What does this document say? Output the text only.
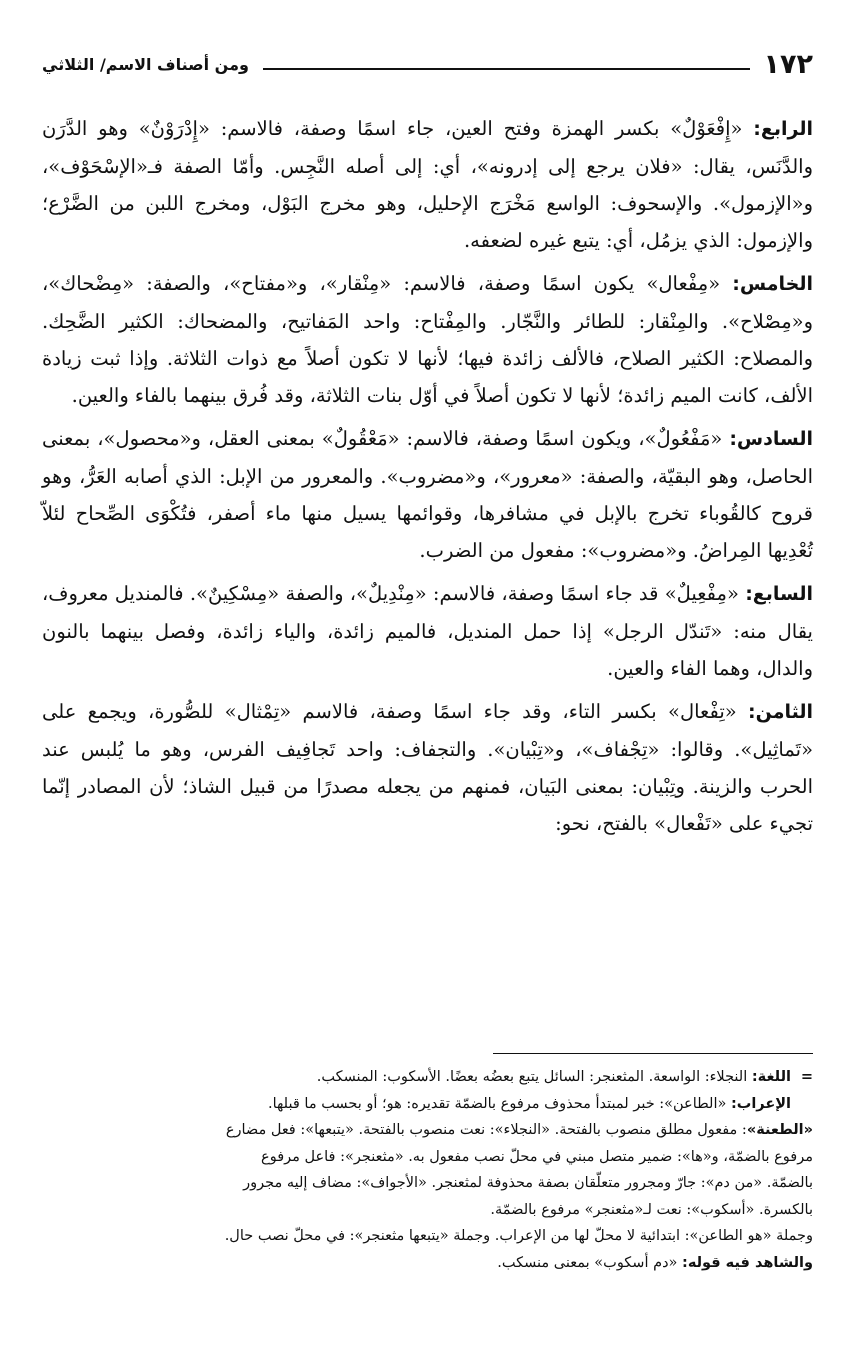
١٧٢
ومن أصناف الاسم/ الثلاثي

الرابع: «إِفْعَوْلٌ» بكسر الهمزة وفتح العين، جاء اسمًا وصفة، فالاسم: «إِدْرَوْنٌ» وهو الدَّرَن والدَّنَس، يقال: «فلان يرجع إلى إدرونه»، أي: إلى أصله النَّجِس. وأمّا الصفة فـ«الإسْحَوْف»، و«الإزمول». والإسحوف: الواسع مَخْرَج الإحليل، وهو مخرج البَوْل، ومخرج اللبن من الضَّرْع؛ والإزمول: الذي يزمُل، أي: يتبع غيره لضعفه.

الخامس: «مِفْعال» يكون اسمًا وصفة، فالاسم: «مِنْقار»، و«مفتاح»، والصفة: «مِضْحاك»، و«مِصْلاح». والمِنْقار: للطائر والنَّجّار. والمِفْتاح: واحد المَفاتيح، والمضحاك: الكثير الضَّحِك. والمصلاح: الكثير الصلاح، فالألف زائدة فيها؛ لأنها لا تكون أصلاً مع ذوات الثلاثة. وإذا ثبت زيادة الألف، كانت الميم زائدة؛ لأنها لا تكون أصلاً في أوّل بنات الثلاثة، وقد فُرق بينهما بالفاء والعين.

السادس: «مَفْعُولٌ»، ويكون اسمًا وصفة، فالاسم: «مَعْقُولٌ» بمعنى العقل، و«محصول»، بمعنى الحاصل، وهو البقيّة، والصفة: «معرور»، و«مضروب». والمعرور من الإبل: الذي أصابه العَرُّ، وهو قروح كالقُوباء تخرج بالإبل في مشافرها، وقوائمها يسيل منها ماء أصفر، فتُكْوَى الصِّحاح لئلاّ تُعْدِيها المِراضُ. و«مضروب»: مفعول من الضرب.

السابع: «مِفْعِيلٌ» قد جاء اسمًا وصفة، فالاسم: «مِنْدِيلٌ»، والصفة «مِسْكِينٌ». فالمنديل معروف، يقال منه: «تَندّل الرجل» إذا حمل المنديل، فالميم زائدة، والياء زائدة، وفصل بينهما بالنون والدال، وهما الفاء والعين.

الثامن: «تِفْعال» بكسر التاء، وقد جاء اسمًا وصفة، فالاسم «تِمْثال» للصُّورة، ويجمع على «تَماثِيل». وقالوا: «تِجْفاف»، و«تِبْيان». والتجفاف: واحد تَجافِيف الفرس، وهو ما يُلبس عند الحرب والزينة. وتِبْيان: بمعنى البَيان، فمنهم من يجعله مصدرًا من قبيل الشاذ؛ لأن المصادر إنّما تجيء على «تَفْعال» بالفتح، نحو:

=اللغة: النجلاء: الواسعة. المثعنجر: السائل يتبع بعضُه بعضًا. الأسكوب: المنسكب.

الإعراب: «الطاعن»: خبر لمبتدأ محذوف مرفوع بالضمّة تقديره: هو؛ أو بحسب ما قبلها.

«الطعنة»: مفعول مطلق منصوب بالفتحة. «النجلاء»: نعت منصوب بالفتحة. «يتبعها»: فعل مضارع

مرفوع بالضمّة، و«ها»: ضمير متصل مبني في محلّ نصب مفعول به. «مثعنجر»: فاعل مرفوع

بالضمّة. «من دم»: جارّ ومجرور متعلّقان بصفة محذوفة لمثعنجر. «الأجواف»: مضاف إليه مجرور

بالكسرة. «أسكوب»: نعت لـ«مثعنجر» مرفوع بالضمّة.

وجملة «هو الطاعن»: ابتدائية لا محلّ لها من الإعراب. وجملة «يتبعها مثعنجر»: في محلّ نصب حال.

والشاهد فيه قوله: «دم أسكوب» بمعنى منسكب.
